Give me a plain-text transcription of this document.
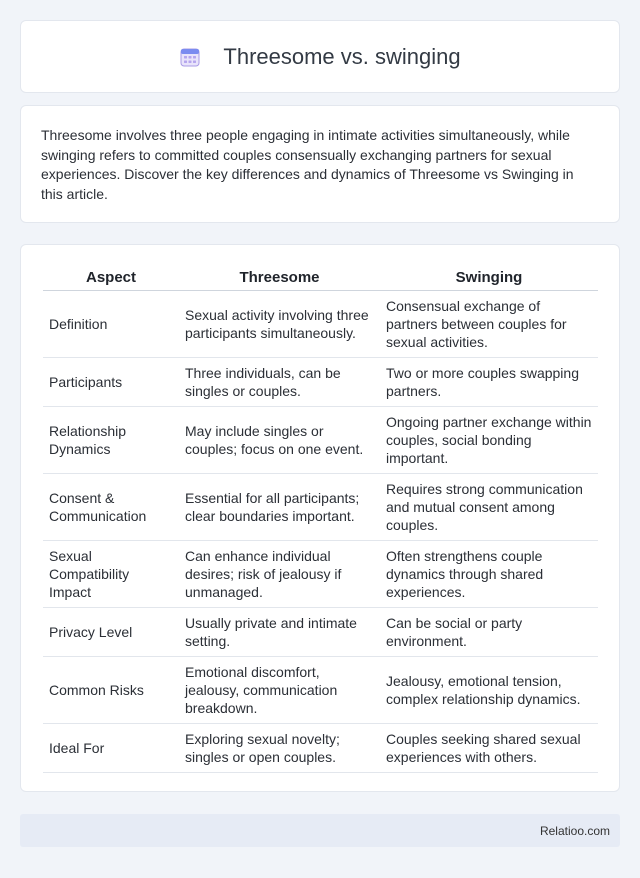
Threesome vs. swinging

Threesome involves three people engaging in intimate activities simultaneously, while swinging refers to committed couples consensually exchanging partners for sexual experiences. Discover the key differences and dynamics of Threesome vs Swinging in this article.

Aspect	Threesome	Swinging
Definition	Sexual activity involving three participants simultaneously.	Consensual exchange of partners between couples for sexual activities.
Participants	Three individuals, can be singles or couples.	Two or more couples swapping partners.
Relationship Dynamics	May include singles or couples; focus on one event.	Ongoing partner exchange within couples, social bonding important.
Consent & Communication	Essential for all participants; clear boundaries important.	Requires strong communication and mutual consent among couples.
Sexual Compatibility Impact	Can enhance individual desires; risk of jealousy if unmanaged.	Often strengthens couple dynamics through shared experiences.
Privacy Level	Usually private and intimate setting.	Can be social or party environment.
Common Risks	Emotional discomfort, jealousy, communication breakdown.	Jealousy, emotional tension, complex relationship dynamics.
Ideal For	Exploring sexual novelty; singles or open couples.	Couples seeking shared sexual experiences with others.
Relatioo.com
